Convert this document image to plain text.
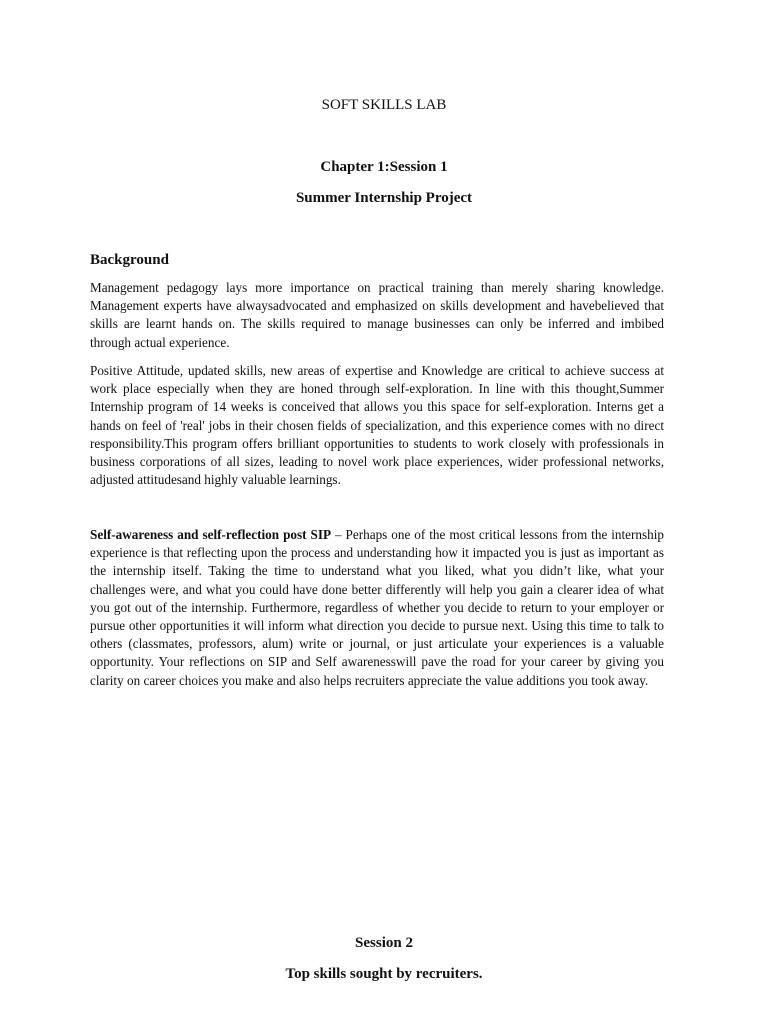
SOFT SKILLS LAB

Chapter 1:Session 1

Summer Internship Project

Background

Management pedagogy lays more importance on practical training than merely sharing knowledge. Management experts have alwaysadvocated and emphasized on skills development and havebelieved that skills are learnt hands on. The skills required to manage businesses can only be inferred and imbibed through actual experience.

Positive Attitude, updated skills, new areas of expertise and Knowledge are critical to achieve success at work place especially when they are honed through self-exploration. In line with this thought,Summer Internship program of 14 weeks is conceived that allows you this space for self-exploration. Interns get a hands on feel of 'real' jobs in their chosen fields of specialization, and this experience comes with no direct responsibility.This program offers brilliant opportunities to students to work closely with professionals in business corporations of all sizes, leading to novel work place experiences, wider professional networks, adjusted attitudesand highly valuable learnings.

Self-awareness and self-reflection post SIP – Perhaps one of the most critical lessons from the internship experience is that reflecting upon the process and understanding how it impacted you is just as important as the internship itself. Taking the time to understand what you liked, what you didn’t like, what your challenges were, and what you could have done better differently will help you gain a clearer idea of what you got out of the internship. Furthermore, regardless of whether you decide to return to your employer or pursue other opportunities it will inform what direction you decide to pursue next. Using this time to talk to others (classmates, professors, alum) write or journal, or just articulate your experiences is a valuable opportunity. Your reflections on SIP and Self awarenesswill pave the road for your career by giving you clarity on career choices you make and also helps recruiters appreciate the value additions you took away.

Session 2

Top skills sought by recruiters.
